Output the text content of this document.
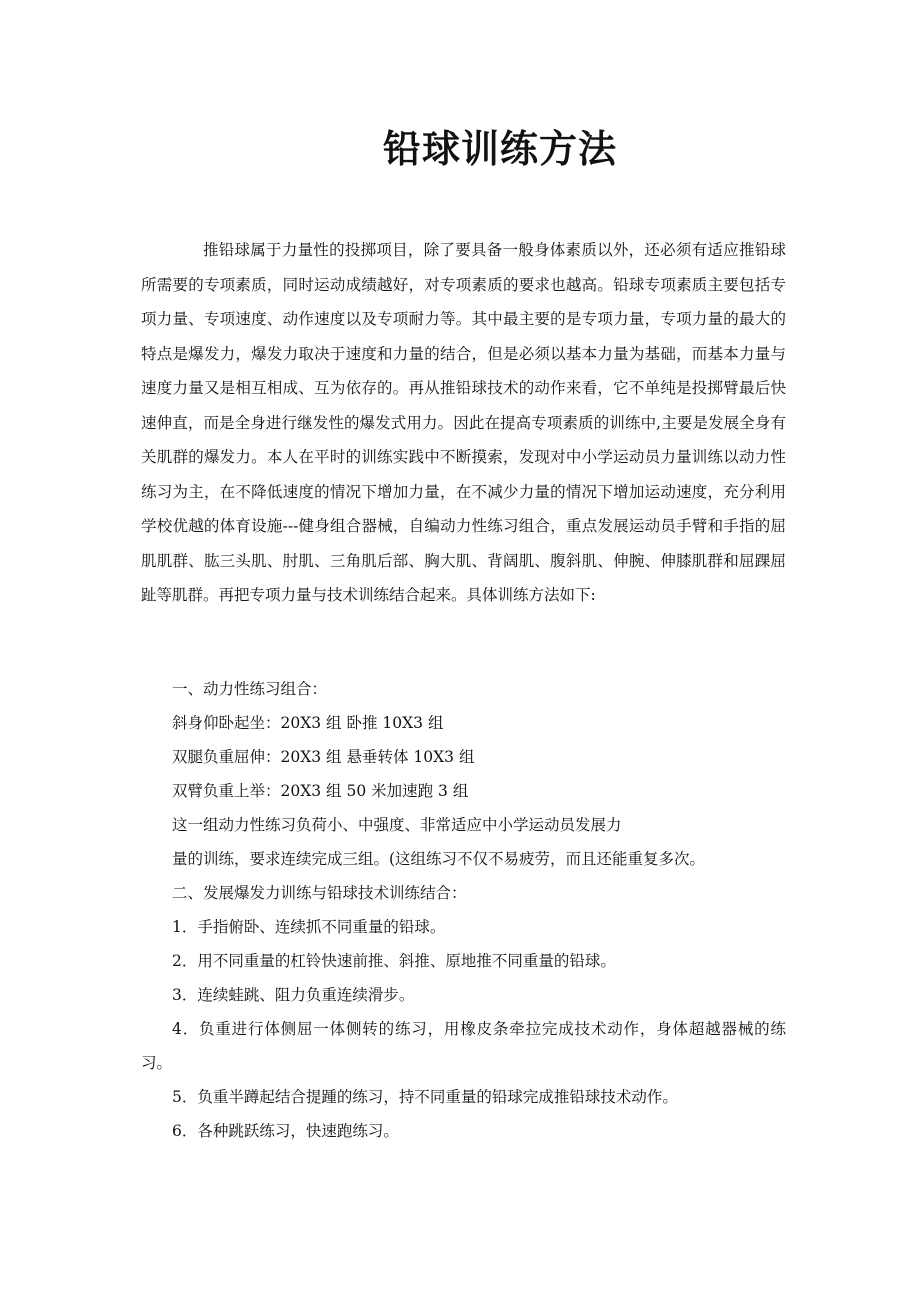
铅球训练方法

推铅球属于力量性的投掷项目，除了要具备一般身体素质以外，还必须有适应推铅球所需要的专项素质，同时运动成绩越好，对专项素质的要求也越高。铅球专项素质主要包括专项力量、专项速度、动作速度以及专项耐力等。其中最主要的是专项力量，专项力量的最大的特点是爆发力，爆发力取决于速度和力量的结合，但是必须以基本力量为基础，而基本力量与速度力量又是相互相成、互为依存的。再从推铅球技术的动作来看，它不单纯是投掷臂最后快速伸直，而是全身进行继发性的爆发式用力。因此在提高专项素质的训练中,主要是发展全身有关肌群的爆发力。本人在平时的训练实践中不断摸索，发现对中小学运动员力量训练以动力性练习为主，在不降低速度的情况下增加力量，在不减少力量的情况下增加运动速度，充分利用学校优越的体育设施---健身组合器械，自编动力性练习组合，重点发展运动员手臂和手指的屈肌肌群、肱三头肌、肘肌、三角肌后部、胸大肌、背阔肌、腹斜肌、伸腕、伸膝肌群和屈踝屈趾等肌群。再把专项力量与技术训练结合起来。具体训练方法如下:

一、动力性练习组合：
斜身仰卧起坐：20X3 组 卧推 10X3 组
双腿负重屈伸：20X3 组 悬垂转体 10X3 组
双臂负重上举：20X3 组 50 米加速跑 3 组
这一组动力性练习负荷小、中强度、非常适应中小学运动员发展力
量的训练，要求连续完成三组。(这组练习不仅不易疲劳，而且还能重复多次。
二、发展爆发力训练与铅球技术训练结合：
1．手指俯卧、连续抓不同重量的铅球。
2．用不同重量的杠铃快速前推、斜推、原地推不同重量的铅球。
3．连续蛙跳、阻力负重连续滑步。
4．负重进行体侧屈一体侧转的练习，用橡皮条牵拉完成技术动作，身体超越器械的练习。
5．负重半蹲起结合提踵的练习，持不同重量的铅球完成推铅球技术动作。
6．各种跳跃练习，快速跑练习。
